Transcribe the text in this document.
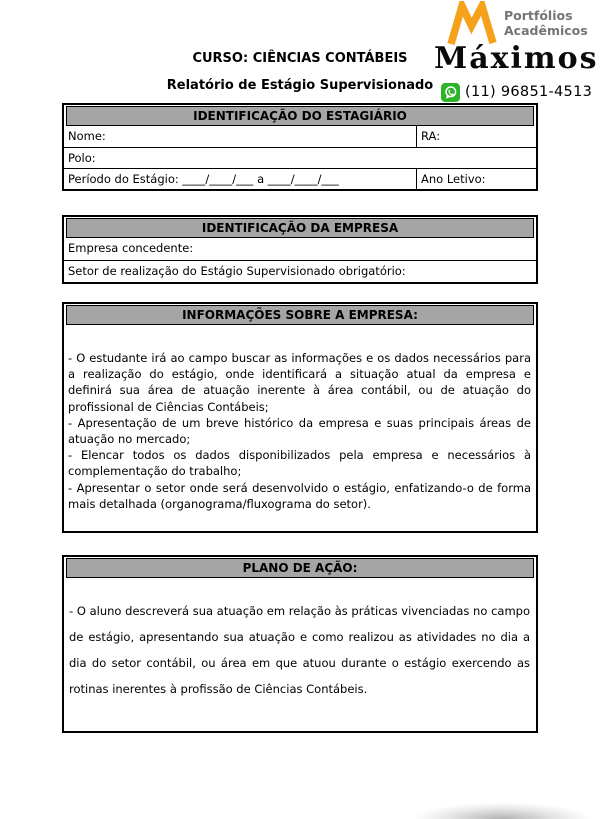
CURSO: CIÊNCIAS CONTÁBEIS
Relatório de Estágio Supervisionado
Portfólios
Acadêmicos
Máximos
(11) 96851-4513
IDENTIFICAÇÃO DO ESTAGIÁRIO
Nome:	RA:
Polo:
Período do Estágio: ____/____/___ a ____/____/___	Ano Letivo:
IDENTIFICAÇÃO DA EMPRESA
Empresa concedente:
Setor de realização do Estágio Supervisionado obrigatório:
INFORMAÇÕES SOBRE A EMPRESA:

- O estudante irá ao campo buscar as informações e os dados necessários para a realização do estágio, onde identificará a situação atual da empresa e definirá sua área de atuação inerente à área contábil, ou de atuação do profissional de Ciências Contábeis;

- Apresentação de um breve histórico da empresa e suas principais áreas de atuação no mercado;

- Elencar todos os dados disponibilizados pela empresa e necessários à complementação do trabalho;

- Apresentar o setor onde será desenvolvido o estágio, enfatizando-o de forma mais detalhada (organograma/fluxograma do setor).

PLANO DE AÇÃO:

- O aluno descreverá sua atuação em relação às práticas vivenciadas no campo de estágio, apresentando sua atuação e como realizou as atividades no dia a dia do setor contábil, ou área em que atuou durante o estágio exercendo as rotinas inerentes à profissão de Ciências Contábeis.
